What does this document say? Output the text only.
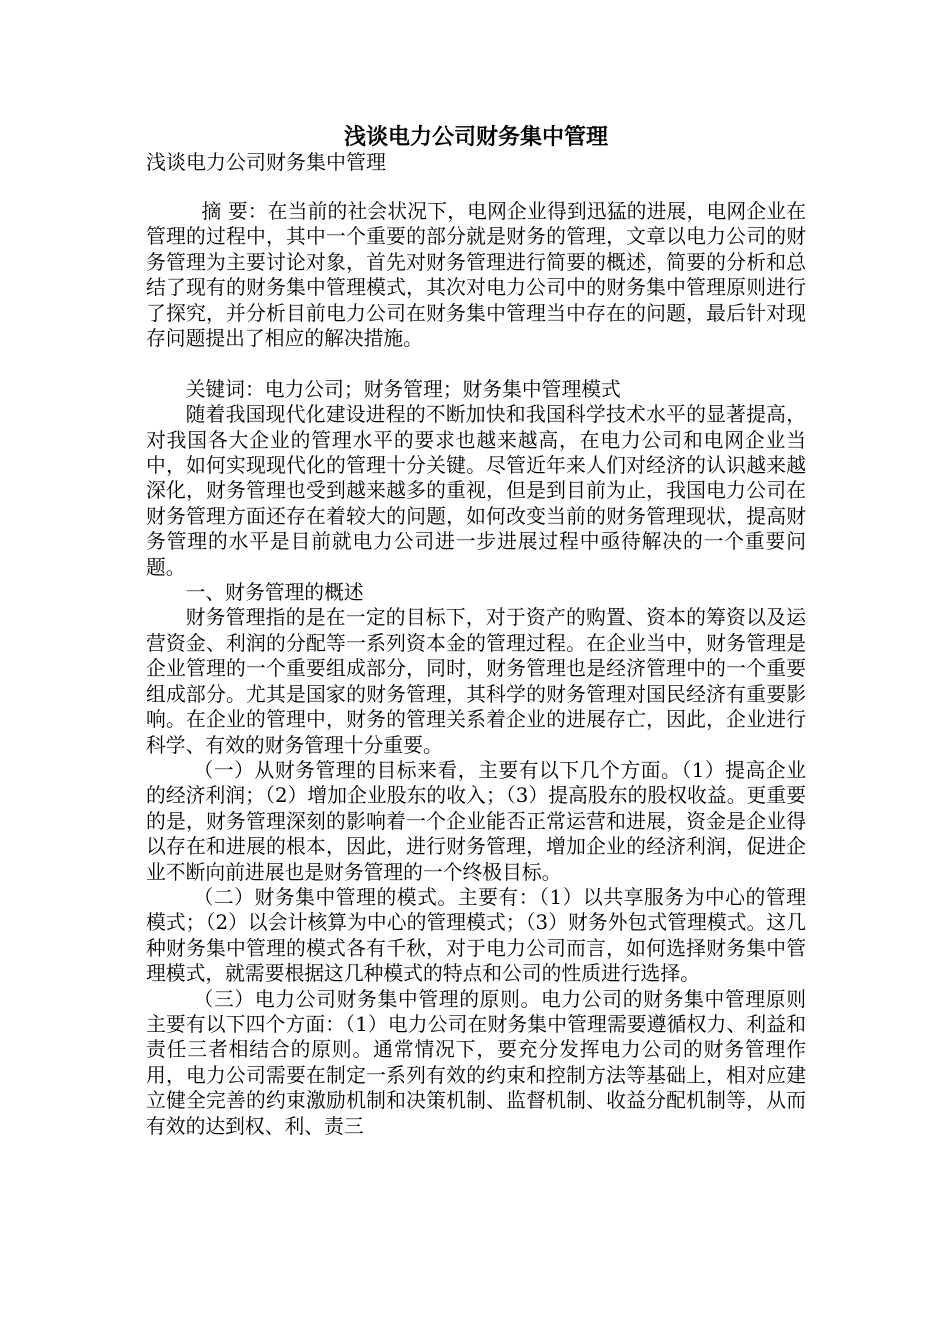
浅谈电力公司财务集中管理
浅谈电力公司财务集中管理

摘 要：在当前的社会状况下，电网企业得到迅猛的进展，电网企业在管理的过程中，其中一个重要的部分就是财务的管理，文章以电力公司的财务管理为主要讨论对象，首先对财务管理进行简要的概述，简要的分析和总结了现有的财务集中管理模式，其次对电力公司中的财务集中管理原则进行了探究，并分析目前电力公司在财务集中管理当中存在的问题，最后针对现存问题提出了相应的解决措施。

关键词：电力公司；财务管理；财务集中管理模式

随着我国现代化建设进程的不断加快和我国科学技术水平的显著提高，对我国各大企业的管理水平的要求也越来越高，在电力公司和电网企业当中，如何实现现代化的管理十分关键。尽管近年来人们对经济的认识越来越深化，财务管理也受到越来越多的重视，但是到目前为止，我国电力公司在财务管理方面还存在着较大的问题，如何改变当前的财务管理现状，提高财务管理的水平是目前就电力公司进一步进展过程中亟待解决的一个重要问题。

一、财务管理的概述

财务管理指的是在一定的目标下，对于资产的购置、资本的筹资以及运营资金、利润的分配等一系列资本金的管理过程。在企业当中，财务管理是企业管理的一个重要组成部分，同时，财务管理也是经济管理中的一个重要组成部分。尤其是国家的财务管理，其科学的财务管理对国民经济有重要影响。在企业的管理中，财务的管理关系着企业的进展存亡，因此，企业进行科学、有效的财务管理十分重要。

（一）从财务管理的目标来看，主要有以下几个方面。（1）提高企业的经济利润；（2）增加企业股东的收入；（3）提高股东的股权收益。更重要的是，财务管理深刻的影响着一个企业能否正常运营和进展，资金是企业得以存在和进展的根本，因此，进行财务管理，增加企业的经济利润，促进企业不断向前进展也是财务管理的一个终极目标。

（二）财务集中管理的模式。主要有：（1）以共享服务为中心的管理模式；（2）以会计核算为中心的管理模式；（3）财务外包式管理模式。这几种财务集中管理的模式各有千秋，对于电力公司而言，如何选择财务集中管理模式，就需要根据这几种模式的特点和公司的性质进行选择。

（三）电力公司财务集中管理的原则。电力公司的财务集中管理原则主要有以下四个方面：（1）电力公司在财务集中管理需要遵循权力、利益和责任三者相结合的原则。通常情况下，要充分发挥电力公司的财务管理作用，电力公司需要在制定一系列有效的约束和控制方法等基础上，相对应建立健全完善的约束激励机制和决策机制、监督机制、收益分配机制等，从而有效的达到权、利、责三
